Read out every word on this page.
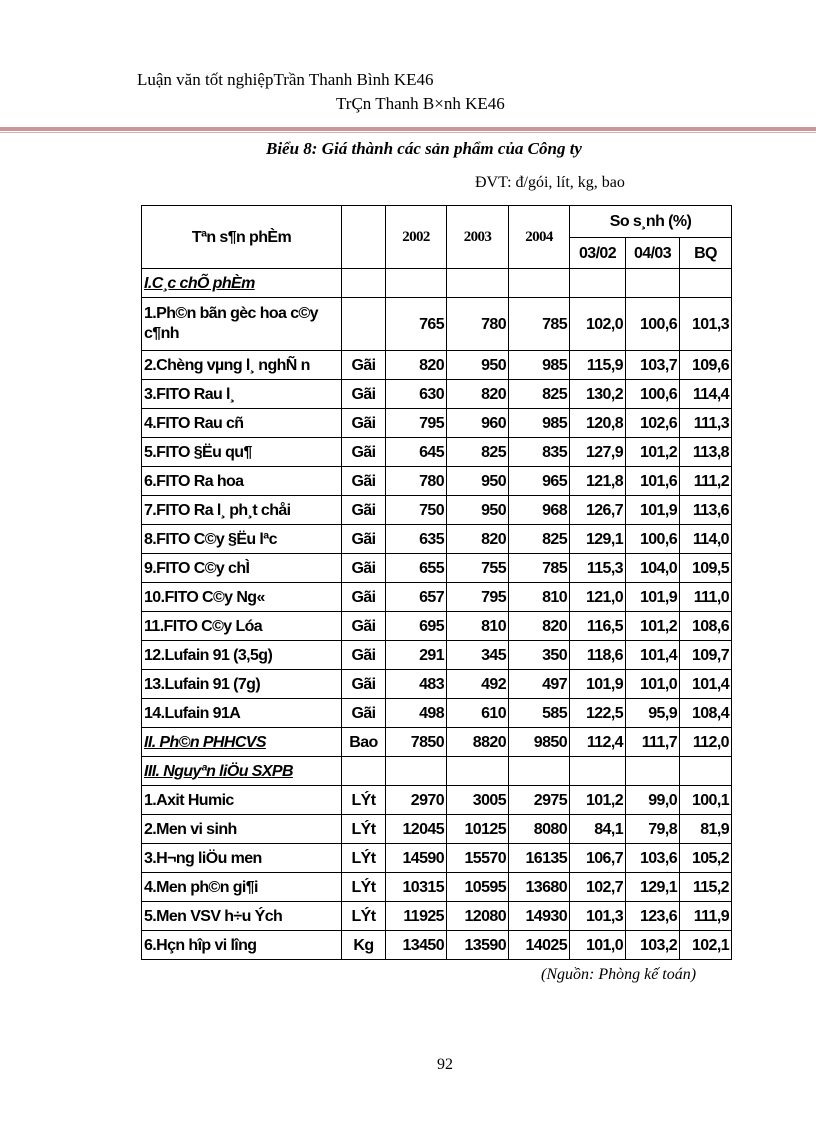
Luận văn tốt nghiệpTrần Thanh Bình KE46
TrÇn Thanh B×nh KE46
Biểu 8: Giá thành các sản phẩm của Công ty
ĐVT: đ/gói, lít, kg, bao
Tªn s¶n phÈm		2002	2003	2004	So s¸nh (%)		
					03/02	04/03	BQ
I.C¸c chÕ phÈm							
1.Ph©n bãn gèc hoa c©y c¶nh		765	780	785	102,0	100,6	101,3
2.Chèng vµng l¸ nghÑ n	Gãi	820	950	985	115,9	103,7	109,6
3.FITO Rau l¸	Gãi	630	820	825	130,2	100,6	114,4
4.FITO Rau cñ	Gãi	795	960	985	120,8	102,6	111,3
5.FITO §Ëu qu¶	Gãi	645	825	835	127,9	101,2	113,8
6.FITO Ra hoa	Gãi	780	950	965	121,8	101,6	111,2
7.FITO Ra l¸ ph¸t chåi	Gãi	750	950	968	126,7	101,9	113,6
8.FITO C©y §Ëu lªc	Gãi	635	820	825	129,1	100,6	114,0
9.FITO C©y chÌ	Gãi	655	755	785	115,3	104,0	109,5
10.FITO C©y Ng«	Gãi	657	795	810	121,0	101,9	111,0
11.FITO C©y Lóa	Gãi	695	810	820	116,5	101,2	108,6
12.Lufain 91 (3,5g)	Gãi	291	345	350	118,6	101,4	109,7
13.Lufain 91 (7g)	Gãi	483	492	497	101,9	101,0	101,4
14.Lufain 91A	Gãi	498	610	585	122,5	95,9	108,4
II. Ph©n PHHCVS	Bao	7850	8820	9850	112,4	111,7	112,0
III. Nguyªn liÖu SXPB							
1.Axit Humic	LÝt	2970	3005	2975	101,2	99,0	100,1
2.Men vi sinh	LÝt	12045	10125	8080	84,1	79,8	81,9
3.H¬ng liÖu men	LÝt	14590	15570	16135	106,7	103,6	105,2
4.Men ph©n gi¶i	LÝt	10315	10595	13680	102,7	129,1	115,2
5.Men VSV h÷u Ých	LÝt	11925	12080	14930	101,3	123,6	111,9
6.Hçn hîp vi lîng	Kg	13450	13590	14025	101,0	103,2	102,1
(Nguồn: Phòng kế toán)
92
